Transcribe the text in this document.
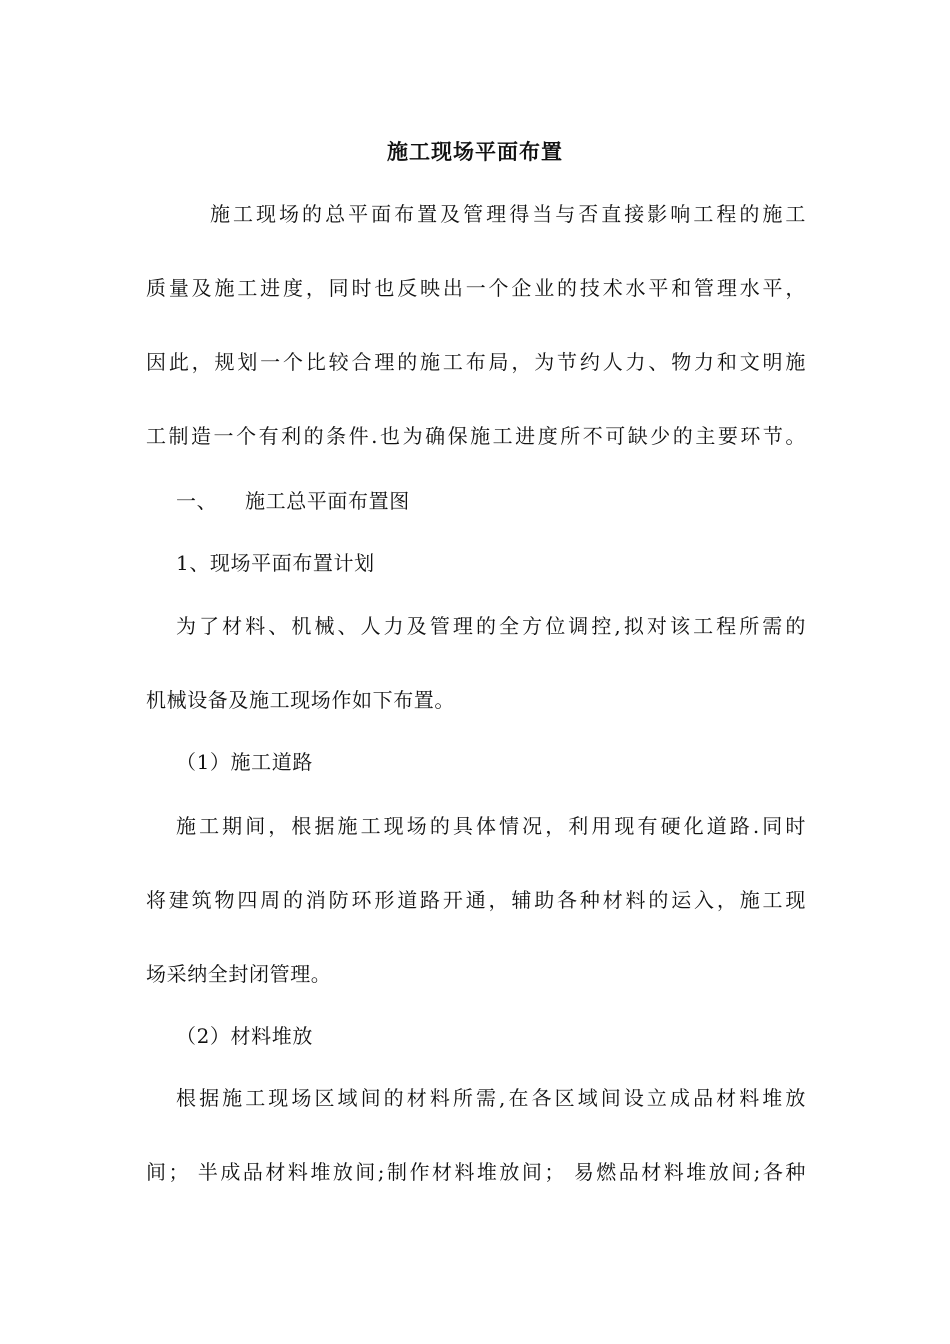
施工现场平面布置
施工现场的总平面布置及管理得当与否直接影响工程的施工
质量及施工进度，同时也反映出一个企业的技术水平和管理水平，
因此，规划一个比较合理的施工布局，为节约人力、物力和文明施
工制造一个有利的条件.也为确保施工进度所不可缺少的主要环节。
一、    施工总平面布置图
1、现场平面布置计划
为了材料、机械、人力及管理的全方位调控,拟对该工程所需的
机械设备及施工现场作如下布置。
（1）施工道路
施工期间，根据施工现场的具体情况，利用现有硬化道路.同时
将建筑物四周的消防环形道路开通，辅助各种材料的运入，施工现
场采纳全封闭管理。
（2）材料堆放
根据施工现场区域间的材料所需,在各区域间设立成品材料堆放
间； 半成品材料堆放间;制作材料堆放间； 易燃品材料堆放间;各种
